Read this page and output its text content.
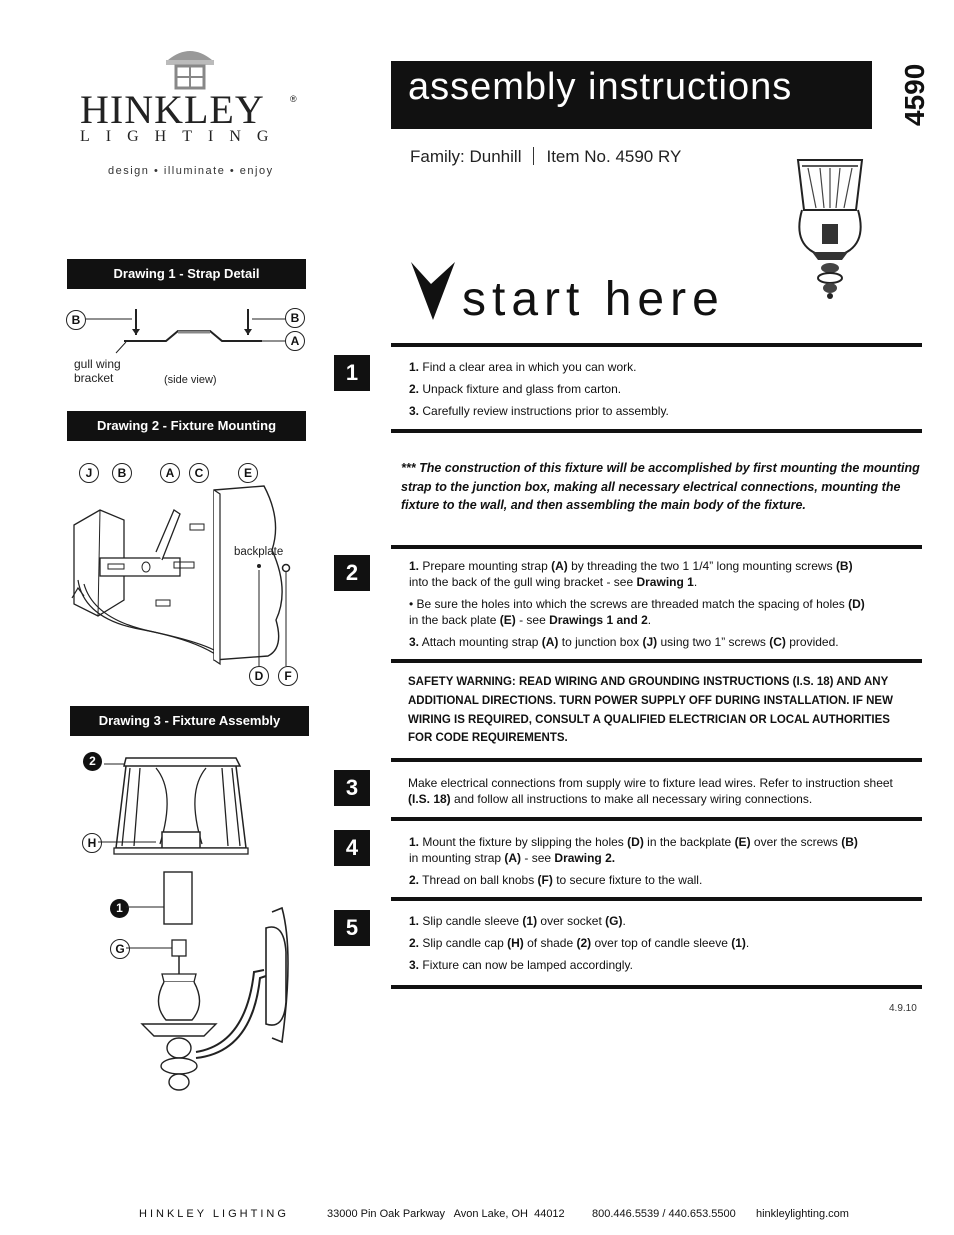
HINKLEY	®
LIGHTING
design • illuminate • enjoy
assembly instructions	4590
Family: Dunhill Item No. 4590 RY
start here
Drawing 1 - Strap Detail
B	B
A
gull wing
bracket	(side view)
Drawing 2 - Fixture Mounting
J	B	A	C	E
backplate
D	F
Drawing 3 - Fixture Assembly
2
H
1
G
1	1. Find a clear area in which you can work.

2. Unpack fixture and glass from carton.

3. Carefully review instructions prior to assembly.

*** The construction of this fixture will be accomplished by first mounting the mounting strap to the junction box, making all necessary electrical connections, mounting the fixture to the wall, and then assembling the main body of the fixture.
2	1. Prepare mounting strap (A) by threading the two 1 1/4” long mounting screws (B)
into the back of the gull wing bracket - see Drawing 1.

• Be sure the holes into which the screws are threaded match the spacing of holes (D)
in the back plate (E) - see Drawings 1 and 2.

3. Attach mounting strap (A) to junction box (J) using two 1” screws (C) provided.

SAFETY WARNING: READ WIRING AND GROUNDING INSTRUCTIONS (I.S. 18) AND ANY ADDITIONAL DIRECTIONS. TURN POWER SUPPLY OFF DURING INSTALLATION. IF NEW WIRING IS REQUIRED, CONSULT A QUALIFIED ELECTRICIAN OR LOCAL AUTHORITIES FOR CODE REQUIREMENTS.
3	Make electrical connections from supply wire to fixture lead wires. Refer to instruction sheet (I.S. 18) and follow all instructions to make all necessary wiring connections.
4	1. Mount the fixture by slipping the holes (D) in the backplate (E) over the screws (B)
in mounting strap (A) - see Drawing 2.

2. Thread on ball knobs (F) to secure fixture to the wall.

5	1. Slip candle sleeve (1) over socket (G).

2. Slip candle cap (H) of shade (2) over top of candle sleeve (1).

3. Fixture can now be lamped accordingly.

4.9.10
HINKLEY LIGHTING	33000 Pin Oak Parkway   Avon Lake, OH  44012 800.446.5539 / 440.653.5500 hinkleylighting.com
